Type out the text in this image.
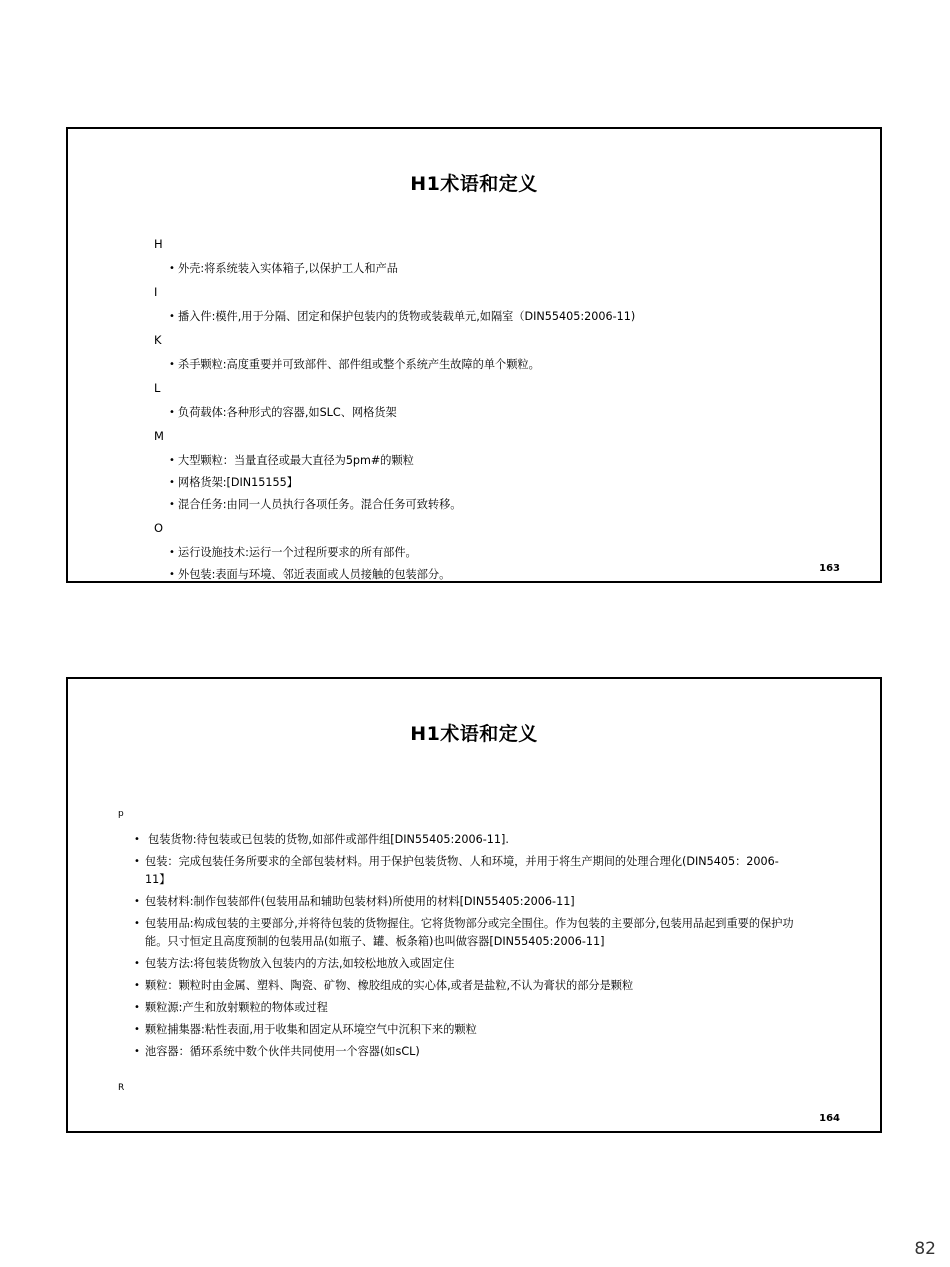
H1术语和定义
H
• 外壳:将系统装入实体箱子,以保护工人和产品
I
• 播入件:模件,用于分隔、团定和保护包装内的货物或装载单元,如隔室（DIN55405:2006-11)
K
• 杀手颗粒:高度重要并可致部件、部件组或整个系统产生故障的单个颗粒。
L
• 负荷载体:各种形式的容器,如SLC、网格货架
M
• 大型颗粒：当量直径或最大直径为5pm#的颗粒
• 网格货架:[DIN15155】
• 混合任务:由同一人员执行各项任务。混合任务可致转移。
O
• 运行设施技术:运行一个过程所要求的所有部件。
• 外包装:表面与环境、邻近表面或人员接触的包装部分。	163
H1术语和定义
p
• 包装货物:待包装或已包装的货物,如部件或部件组[DIN55405:2006-11].
• 包装：完成包装任务所要求的全部包装材料。用于保护包装货物、人和环境，并用于将生产期间的处理合理化(DIN5405：2006-11】
• 包装材料:制作包装部件(包装用品和辅助包装材料)所使用的材料[DIN55405:2006-11]
• 包装用品:构成包装的主要部分,并将待包装的货物握住。它将货物部分或完全围住。作为包装的主要部分,包装用品起到重要的保护功能。只寸恒定且高度预制的包装用品(如瓶子、罐、板条箱)也叫做容器[DIN55405:2006-11]
• 包装方法:将包装货物放入包装内的方法,如较松地放入或固定住
• 颗粒：颗粒时由金属、塑料、陶瓷、矿物、橡胶组成的实心体,或者是盐粒,不认为膏状的部分是颗粒
• 颗粒源:产生和放射颗粒的物体或过程
• 颗粒捕集器:粘性表面,用于收集和固定从环境空气中沉积下来的颗粒
• 池容器：循环系统中数个伙伴共同使用一个容器(如sCL)
R
164
82
